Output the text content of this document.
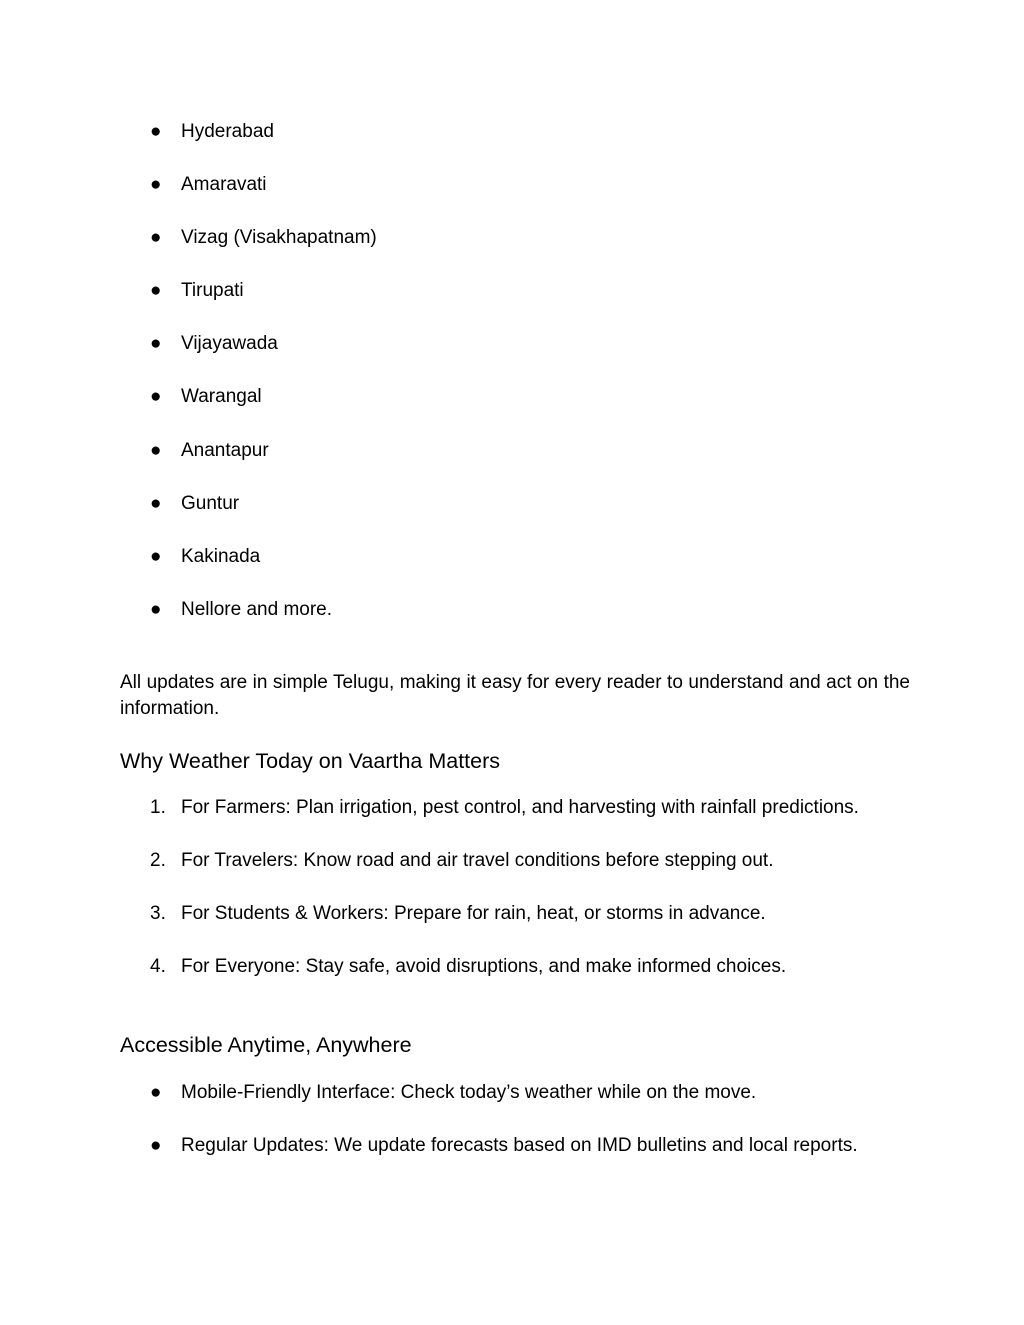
●	Hyderabad
●	Amaravati
●	Vizag (Visakhapatnam)
●	Tirupati
●	Vijayawada
●	Warangal
●	Anantapur
●	Guntur
●	Kakinada
●	Nellore and more.

All updates are in simple Telugu, making it easy for every reader to understand and act on the information.

Why Weather Today on Vaartha Matters
1. For Farmers: Plan irrigation, pest control, and harvesting with rainfall predictions.
2. For Travelers: Know road and air travel conditions before stepping out.
3. For Students & Workers: Prepare for rain, heat, or storms in advance.
4. For Everyone: Stay safe, avoid disruptions, and make informed choices.
Accessible Anytime, Anywhere
●	Mobile-Friendly Interface: Check today’s weather while on the move.
●	Regular Updates: We update forecasts based on IMD bulletins and local reports.
